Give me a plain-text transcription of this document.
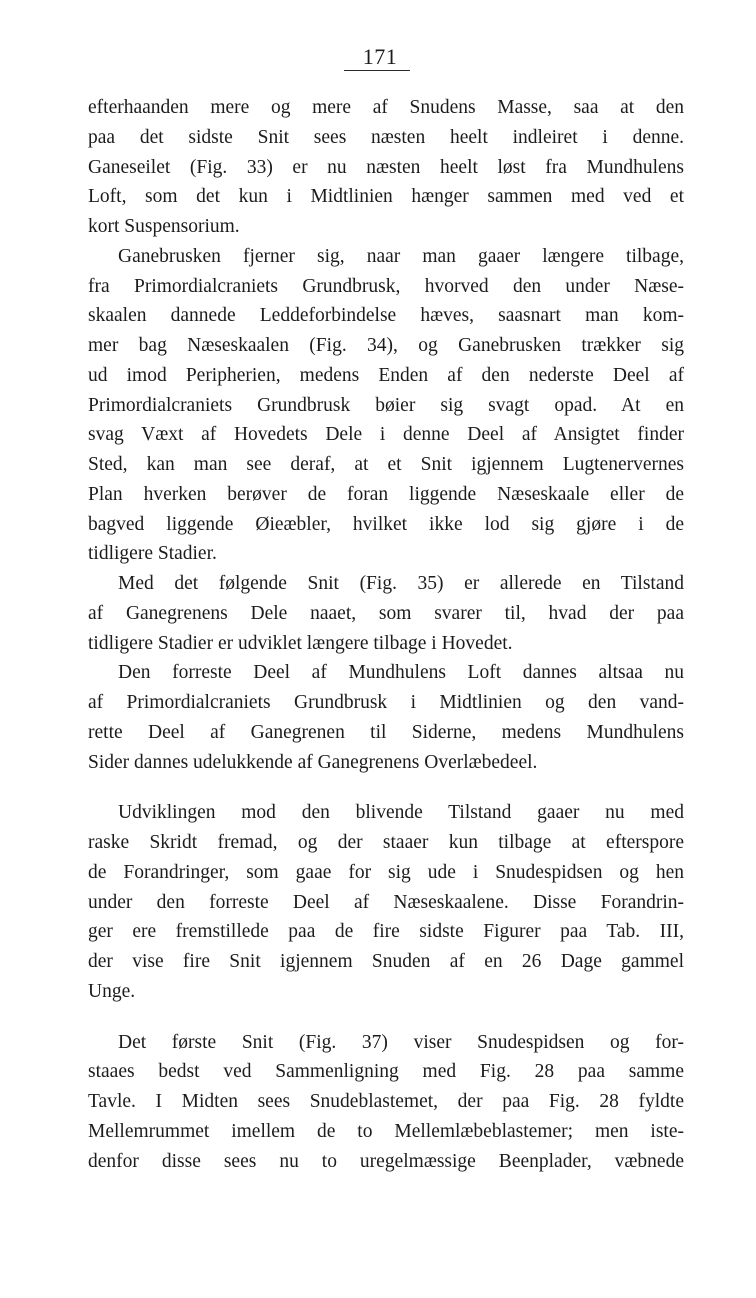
171
efterhaanden mere og mere af Snudens Masse, saa at den
paa det sidste Snit sees næsten heelt indleiret i denne.
Ganeseilet (Fig. 33) er nu næsten heelt løst fra Mundhulens
Loft, som det kun i Midtlinien hænger sammen med ved et
kort Suspensorium.
Ganebrusken fjerner sig, naar man gaaer længere tilbage,
fra Primordialcraniets Grundbrusk, hvorved den under Næse-
skaalen dannede Leddeforbindelse hæves, saasnart man kom-
mer bag Næseskaalen (Fig. 34), og Ganebrusken trækker sig
ud imod Peripherien, medens Enden af den nederste Deel af
Primordialcraniets Grundbrusk bøier sig svagt opad. At en
svag Væxt af Hovedets Dele i denne Deel af Ansigtet finder
Sted, kan man see deraf, at et Snit igjennem Lugtenervernes
Plan hverken berøver de foran liggende Næseskaale eller de
bagved liggende Øieæbler, hvilket ikke lod sig gjøre i de
tidligere Stadier.
Med det følgende Snit (Fig. 35) er allerede en Tilstand
af Ganegrenens Dele naaet, som svarer til, hvad der paa
tidligere Stadier er udviklet længere tilbage i Hovedet.
Den forreste Deel af Mundhulens Loft dannes altsaa nu
af Primordialcraniets Grundbrusk i Midtlinien og den vand-
rette Deel af Ganegrenen til Siderne, medens Mundhulens
Sider dannes udelukkende af Ganegrenens Overlæbedeel.
Udviklingen mod den blivende Tilstand gaaer nu med
raske Skridt fremad, og der staaer kun tilbage at efterspore
de Forandringer, som gaae for sig ude i Snudespidsen og hen
under den forreste Deel af Næseskaalene. Disse Forandrin-
ger ere fremstillede paa de fire sidste Figurer paa Tab. III,
der vise fire Snit igjennem Snuden af en 26 Dage gammel
Unge.
Det første Snit (Fig. 37) viser Snudespidsen og for-
staaes bedst ved Sammenligning med Fig. 28 paa samme
Tavle. I Midten sees Snudeblastemet, der paa Fig. 28 fyldte
Mellemrummet imellem de to Mellemlæbeblastemer; men iste-
denfor disse sees nu to uregelmæssige Beenplader, væbnede
